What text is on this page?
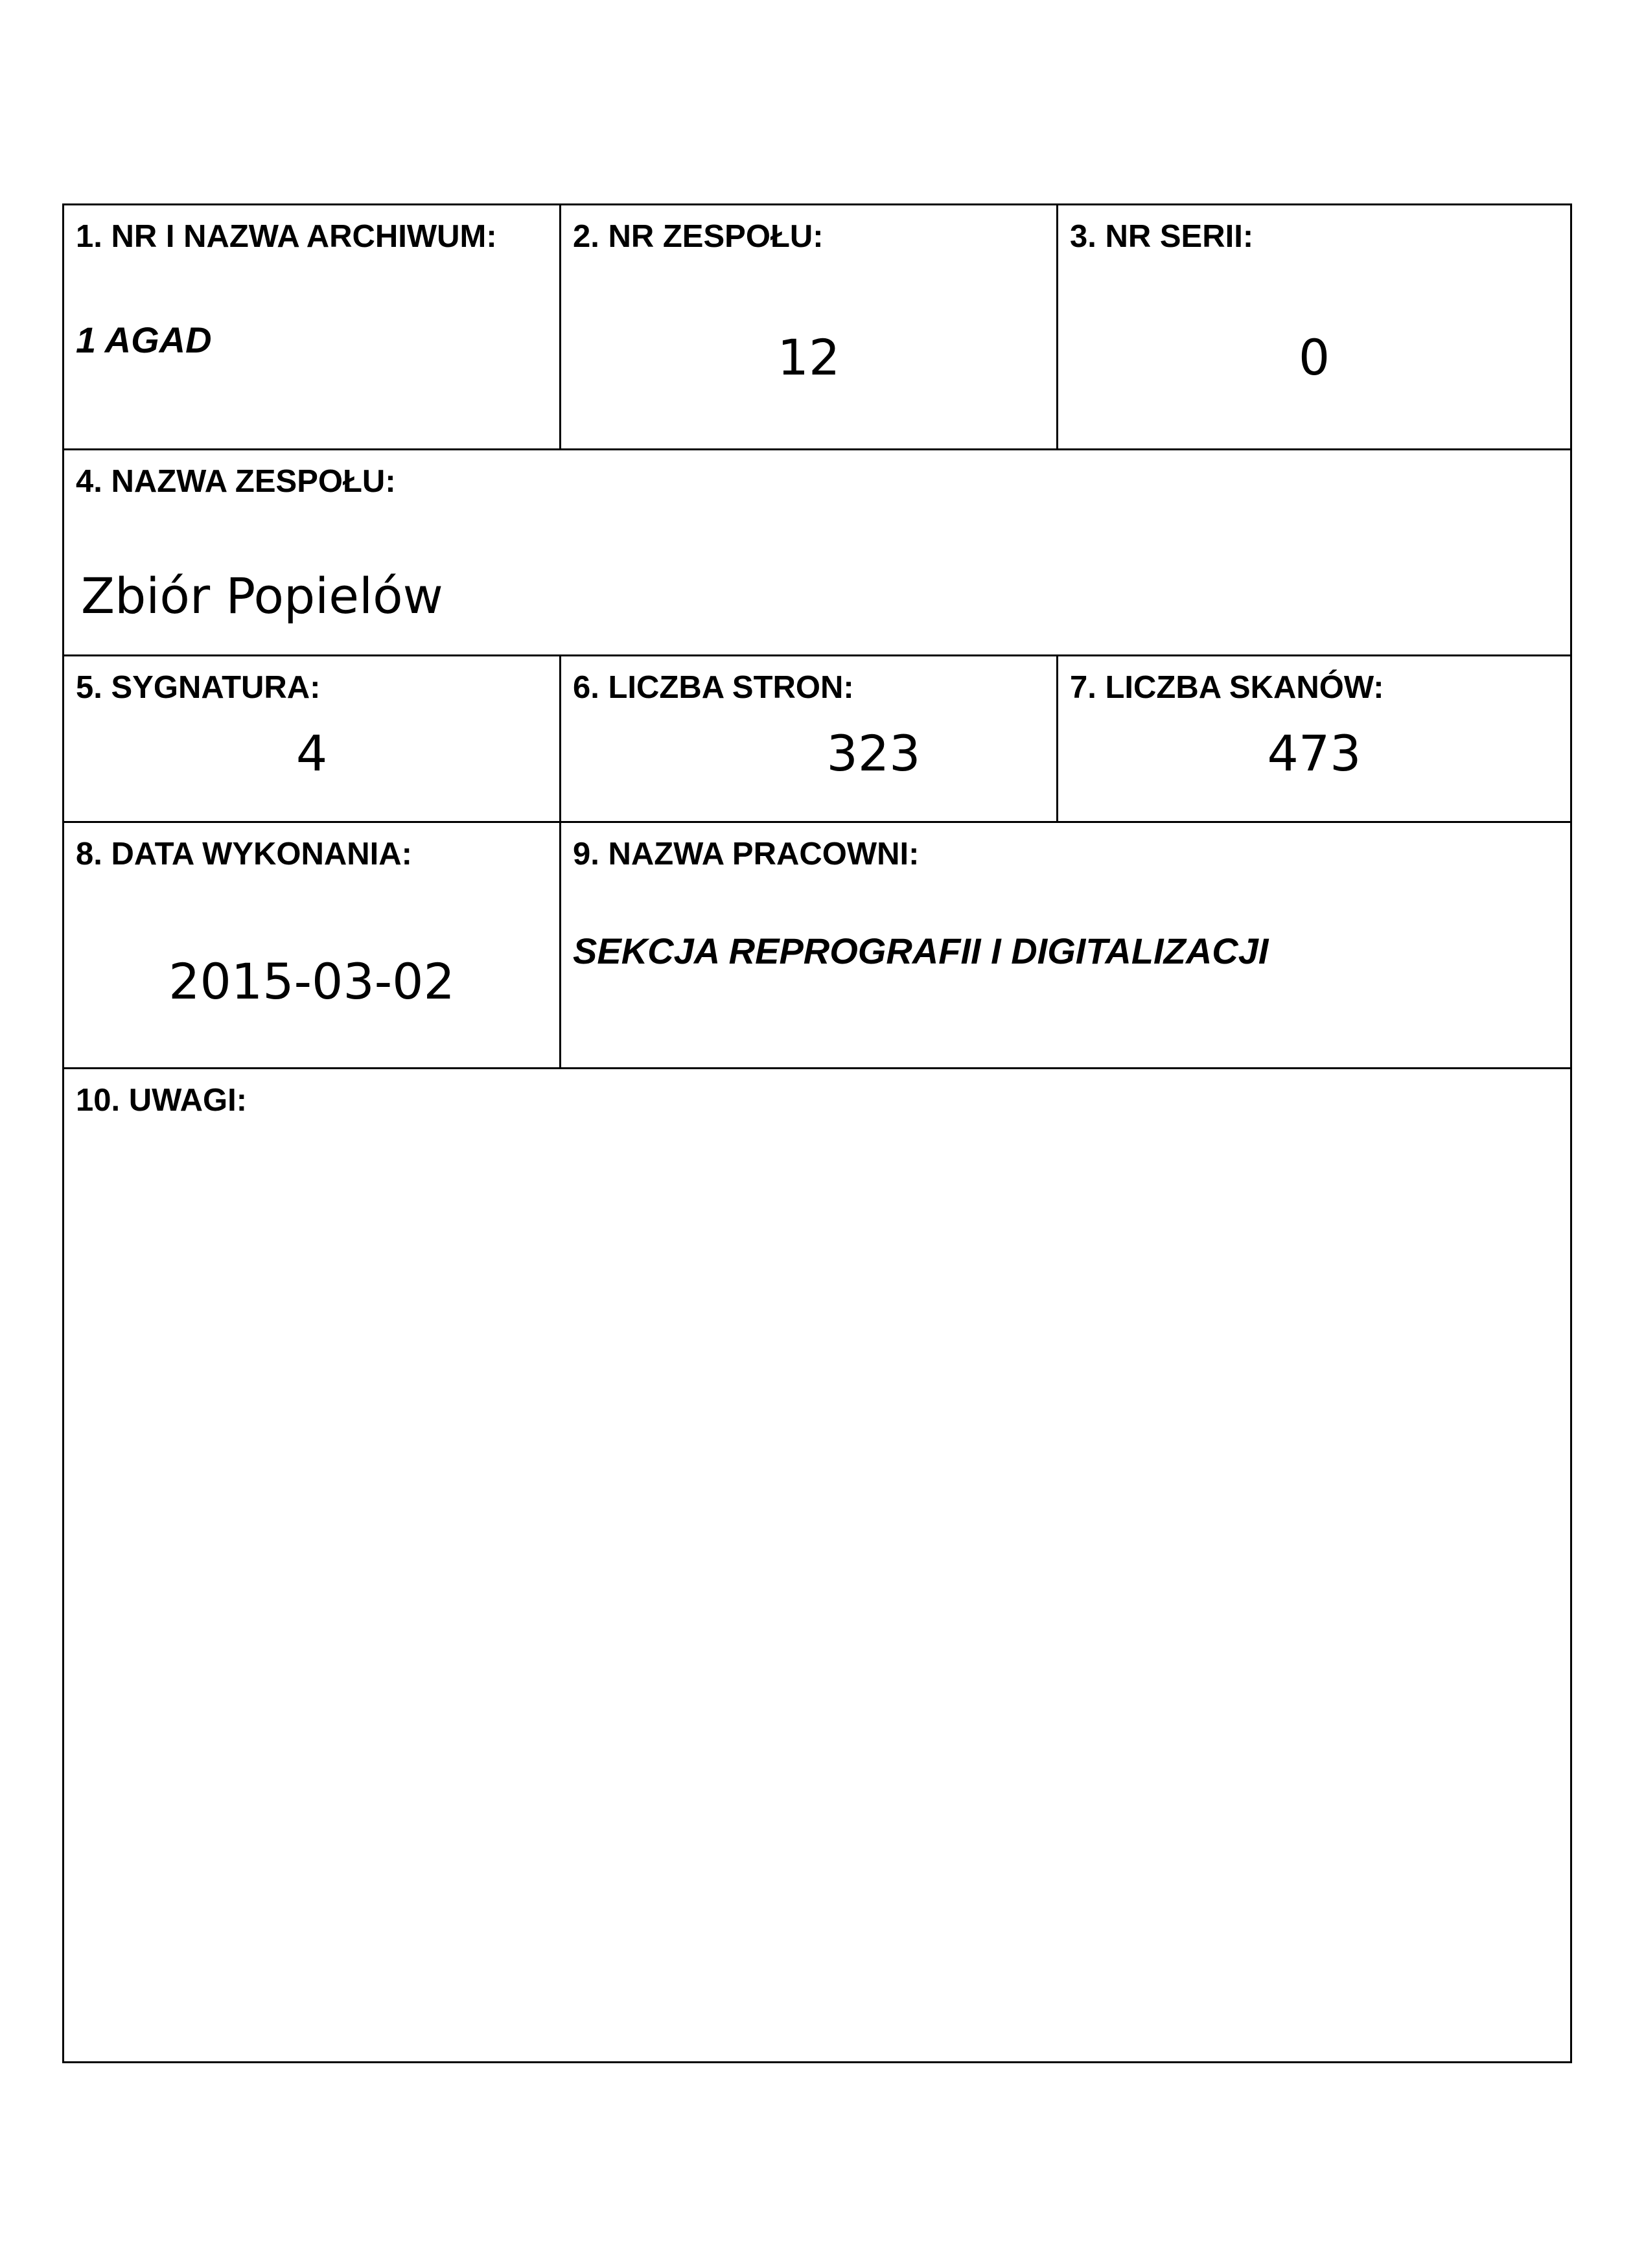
1. NR I NAZWA ARCHIWUM:
1 AGAD
2. NR ZESPOŁU:
12
3. NR SERII:
0
4. NAZWA ZESPOŁU:
Zbiór Popielów
5. SYGNATURA:
4
6. LICZBA STRON:
323
7. LICZBA SKANÓW:
473
8. DATA WYKONANIA:
2015-03-02
9. NAZWA PRACOWNI:
SEKCJA REPROGRAFII I DIGITALIZACJI
10. UWAGI:
